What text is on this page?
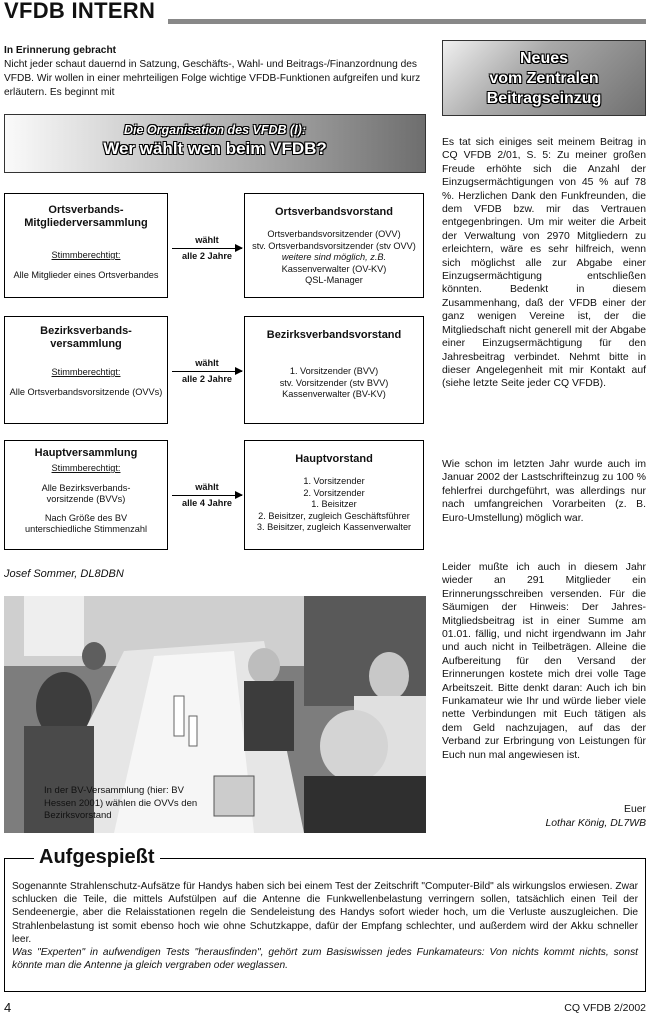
VFDB INTERN
In Erinnerung gebracht
Nicht jeder schaut dauernd in Satzung, Geschäfts-, Wahl- und Beitrags-/Finanzordnung des VFDB. Wir wollen in einer mehrteiligen Folge wichtige VFDB-Funktionen aufgreifen und kurz erläutern. Es beginnt mit
Die Organisation des VFDB (I):
Wer wählt wen beim VFDB?
Ortsverbands-Mitgliederversammlung
Stimmberechtigt:
Alle Mitglieder eines Ortsverbandes
wählt
alle 2 Jahre
Ortsverbandsvorstand
Ortsverbandsvorsitzender (OVV)
stv. Ortsverbandsvorsitzender (stv OVV)
weitere sind möglich, z.B.
Kassenverwalter (OV-KV)
QSL-Manager
Bezirksverbands-versammlung
Stimmberechtigt:
Alle Ortsverbandsvorsitzende (OVVs)
wählt
alle 2 Jahre
Bezirksverbandsvorstand
1. Vorsitzender (BVV)
stv. Vorsitzender (stv BVV)
Kassenverwalter (BV-KV)
Hauptversammlung
Stimmberechtigt:
Alle Bezirksverbands-vorsitzende (BVVs)
Nach Größe des BV unterschiedliche Stimmenzahl
wählt
alle 4 Jahre
Hauptvorstand
1. Vorsitzender
2. Vorsitzender
1. Beisitzer
2. Beisitzer, zugleich Geschäftsführer
3. Beisitzer, zugleich Kassenverwalter
Josef Sommer, DL8DBN
In der BV-Versammlung (hier: BV Hessen 2001) wählen die OVVs den Bezirksvorstand
Neues
vom Zentralen
Beitragseinzug
Es tat sich einiges seit meinem Beitrag in CQ VFDB 2/01, S. 5: Zu meiner großen Freude erhöhte sich die Anzahl der Einzugsermächtigungen von 45 % auf 78 %. Herzlichen Dank den Funkfreunden, die dem VFDB bzw. mir das Vertrauen entgegenbringen. Um mir weiter die Arbeit der Verwaltung von 2970 Mitgliedern zu erleichtern, wäre es sehr hilfreich, wenn sich möglichst alle zur Abgabe einer Einzugsermächtigung entschließen könnten. Bedenkt in diesem Zusammenhang, daß der VFDB einer der ganz wenigen Vereine ist, der die Mitgliedschaft nicht generell mit der Abgabe einer Einzugsermächtigung für den Jahresbeitrag verbindet. Nehmt bitte in dieser Angelegenheit mit mir Kontakt auf (siehe letzte Seite jeder CQ VFDB).
Wie schon im letzten Jahr wurde auch im Januar 2002 der Lastschrifteinzug zu 100 % fehlerfrei durchgeführt, was allerdings nur nach umfangreichen Vorarbeiten (z. B. Euro-Umstellung) möglich war.
Leider mußte ich auch in diesem Jahr wieder an 291 Mitglieder ein Erinnerungsschreiben versenden. Für die Säumigen der Hinweis: Der Jahres-Mitgliedsbeitrag ist in einer Summe am 01.01. fällig, und nicht irgendwann im Jahr und auch nicht in Teilbeträgen. Alleine die Aufbereitung für den Versand der Erinnerungen kostete mich drei volle Tage Arbeitszeit. Bitte denkt daran: Auch ich bin Funkamateur wie Ihr und würde lieber viele nette Verbindungen mit Euch tätigen als dem Geld nachzujagen, auf das der Verband zur Erbringung von Leistungen für Euch nun mal angewiesen ist.
Euer
Lothar König, DL7WB
Aufgespießt
Sogenannte Strahlenschutz-Aufsätze für Handys haben sich bei einem Test der Zeitschrift "Computer-Bild" als wirkungslos erwiesen. Zwar schlucken die Teile, die mittels Aufstülpen auf die Antenne die Funkwellenbelastung verringern sollen, tatsächlich einen Teil der Sendeenergie, aber die Relaisstationen regeln die Sendeleistung des Handys sofort wieder hoch, um die Verluste auszugleichen. Die Strahlenbelastung ist somit ebenso hoch wie ohne Schutzkappe, dafür der Empfang schlechter, und außerdem wird der Akku schneller leer.
Was "Experten" in aufwendigen Tests "herausfinden", gehört zum Basiswissen jedes Funkamateurs: Von nichts kommt nichts, sonst könnte man die Antenne ja gleich vergraben oder weglassen.
4	CQ VFDB 2/2002
